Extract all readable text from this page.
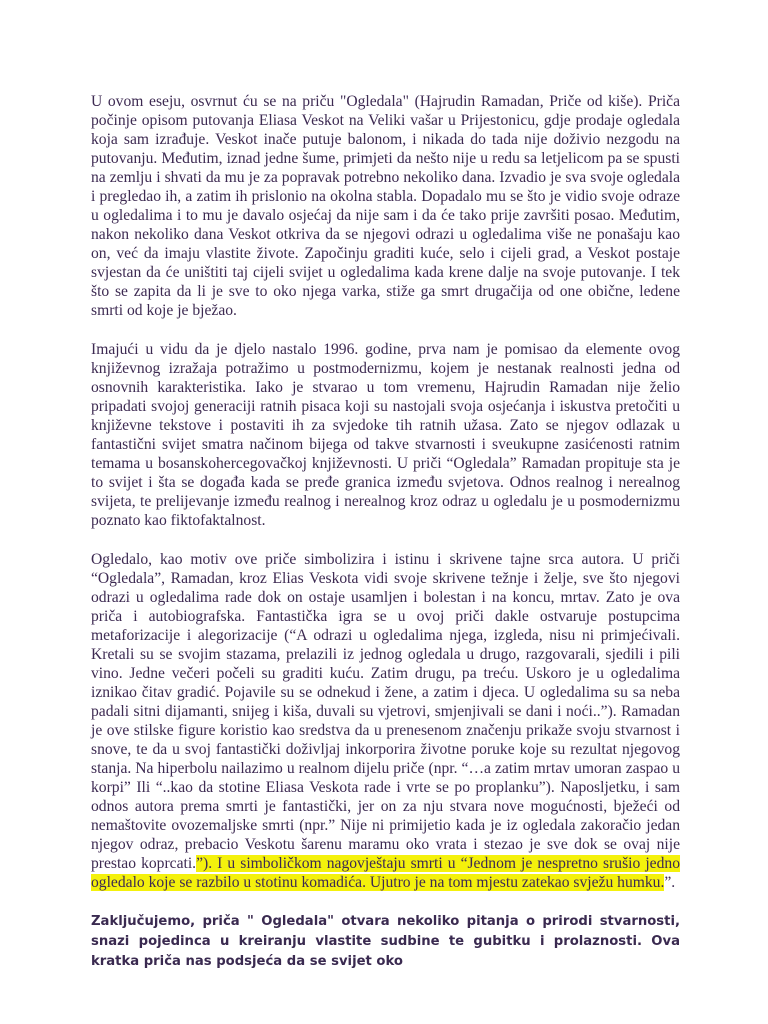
U ovom eseju, osvrnut ću se na priču "Ogledala" (Hajrudin Ramadan, Priče od kiše). Priča počinje opisom putovanja Eliasa Veskot na Veliki vašar u Prijestonicu, gdje prodaje ogledala koja sam izrađuje. Veskot inače putuje balonom, i nikada do tada nije doživio nezgodu na putovanju. Međutim, iznad jedne šume, primjeti da nešto nije u redu sa letjelicom pa se spusti na zemlju i shvati da mu je za popravak potrebno nekoliko dana. Izvadio je sva svoje ogledala i pregledao ih, a zatim ih prislonio na okolna stabla. Dopadalo mu se što je vidio svoje odraze u ogledalima i to mu je davalo osjećaj da nije sam i da će tako prije završiti posao. Međutim, nakon nekoliko dana Veskot otkriva da se njegovi odrazi u ogledalima više ne ponašaju kao on, već da imaju vlastite živote. Započinju graditi kuće, selo i cijeli grad, a Veskot postaje svjestan da će uništiti taj cijeli svijet u ogledalima kada krene dalje na svoje putovanje. I tek što se zapita da li je sve to oko njega varka, stiže ga smrt drugačija od one obične, ledene smrti od koje je bježao.

Imajući u vidu da je djelo nastalo 1996. godine, prva nam je pomisao da elemente ovog književnog izražaja potražimo u postmodernizmu, kojem je nestanak realnosti jedna od osnovnih karakteristika. Iako je stvarao u tom vremenu, Hajrudin Ramadan nije želio pripadati svojoj generaciji ratnih pisaca koji su nastojali svoja osjećanja i iskustva pretočiti u književne tekstove i postaviti ih za svjedoke tih ratnih užasa. Zato se njegov odlazak u fantastični svijet smatra načinom bijega od takve stvarnosti i sveukupne zasićenosti ratnim temama u bosanskohercegovačkoj književnosti. U priči “Ogledala” Ramadan propituje sta je to svijet i šta se događa kada se pređe granica između svjetova. Odnos realnog i nerealnog svijeta, te prelijevanje između realnog i nerealnog kroz odraz u ogledalu je u posmodernizmu poznato kao fiktofaktalnost.

Ogledalo, kao motiv ove priče simbolizira i istinu i skrivene tajne srca autora. U priči “Ogledala”, Ramadan, kroz Elias Veskota vidi svoje skrivene težnje i želje, sve što njegovi odrazi u ogledalima rade dok on ostaje usamljen i bolestan i na koncu, mrtav. Zato je ova priča i autobiografska. Fantastička igra se u ovoj priči dakle ostvaruje postupcima metaforizacije i alegorizacije (“A odrazi u ogledalima njega, izgleda, nisu ni primjećivali. Kretali su se svojim stazama, prelazili iz jednog ogledala u drugo, razgovarali, sjedili i pili vino. Jedne večeri počeli su graditi kuću. Zatim drugu, pa treću. Uskoro je u ogledalima iznikao čitav gradić. Pojavile su se odnekud i žene, a zatim i djeca. U ogledalima su sa neba padali sitni dijamanti, snijeg i kiša, duvali su vjetrovi, smjenjivali se dani i noći..”). Ramadan je ove stilske figure koristio kao sredstva da u prenesenom značenju prikaže svoju stvarnost i snove, te da u svoj fantastički doživljaj inkorporira životne poruke koje su rezultat njegovog stanja. Na hiperbolu nailazimo u realnom dijelu priče (npr. “…a zatim mrtav umoran zaspao u korpi” Ili “..kao da stotine Eliasa Veskota rade i vrte se po proplanku”). Naposljetku, i sam odnos autora prema smrti je fantastički, jer on za nju stvara nove mogućnosti, bježeći od nemaštovite ovozemaljske smrti (npr.” Nije ni primijetio kada je iz ogledala zakoračio jedan njegov odraz, prebacio Veskotu šarenu maramu oko vrata i stezao je sve dok se ovaj nije prestao koprcati.”). I u simboličkom nagovještaju smrti u “Jednom je nespretno srušio jedno ogledalo koje se razbilo u stotinu komadića. Ujutro je na tom mjestu zatekao svježu humku.”.

Zaključujemo, priča " Ogledala" otvara nekoliko pitanja o prirodi stvarnosti, snazi pojedinca u kreiranju vlastite sudbine te gubitku i prolaznosti. Ova kratka priča nas podsjeća da se svijet oko
